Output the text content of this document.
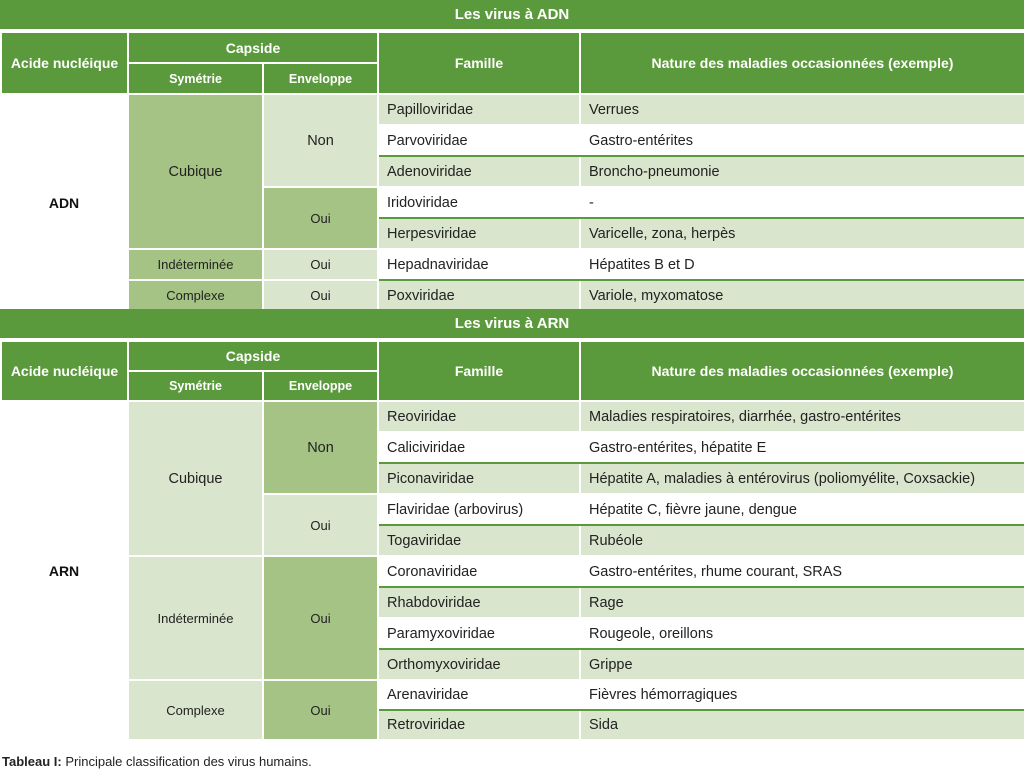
Les virus à ADN
Acide nucléique	Capside		Famille	Nature des maladies occasionnées (exemple)
	Symétrie	Enveloppe		
ADN	Cubique	Non	Papilloviridae	Verrues
			Parvoviridae	Gastro-entérites
			Adenoviridae	Broncho-pneumonie
		Oui	Iridoviridae	-
			Herpesviridae	Varicelle, zona, herpès
	Indéterminée	Oui	Hepadnaviridae	Hépatites B et D
	Complexe	Oui	Poxviridae	Variole, myxomatose
Les virus à ARN
Acide nucléique	Capside		Famille	Nature des maladies occasionnées (exemple)
	Symétrie	Enveloppe		
ARN	Cubique	Non	Reoviridae	Maladies respiratoires, diarrhée, gastro-entérites
			Caliciviridae	Gastro-entérites, hépatite E
			Piconaviridae	Hépatite A, maladies à entérovirus (poliomyélite, Coxsackie)
		Oui	Flaviridae (arbovirus)	Hépatite C, fièvre jaune, dengue
			Togaviridae	Rubéole
	Indéterminée	Oui	Coronaviridae	Gastro-entérites, rhume courant, SRAS
			Rhabdoviridae	Rage
			Paramyxoviridae	Rougeole, oreillons
			Orthomyxoviridae	Grippe
	Complexe	Oui	Arenaviridae	Fièvres hémorragiques
			Retroviridae	Sida
Tableau I: Principale classification des virus humains.
